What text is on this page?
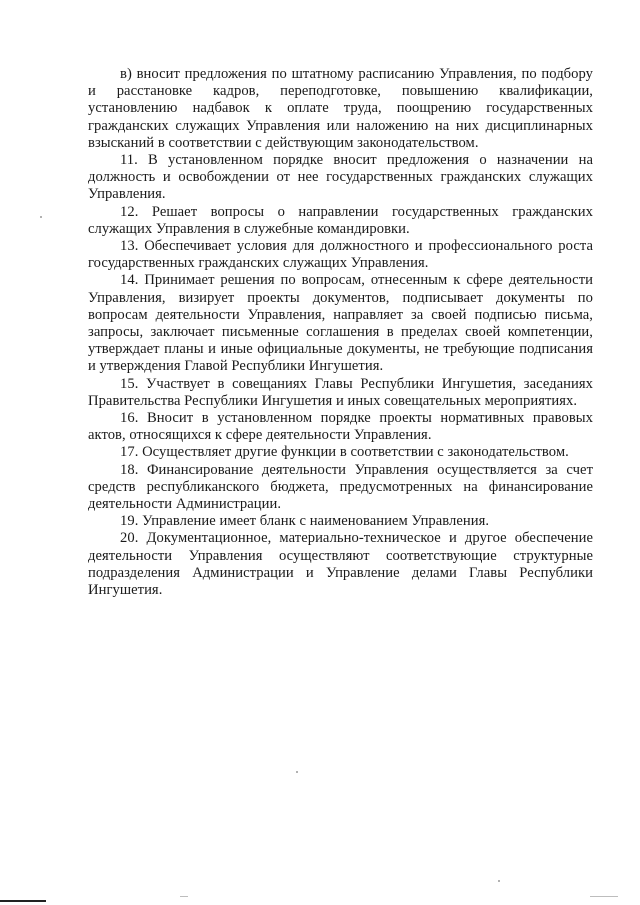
в) вносит предложения по штатному расписанию Управления, по подбору и расстановке кадров, переподготовке, повышению квалификации, установлению надбавок к оплате труда, поощрению государственных гражданских служащих Управления или наложению на них дисциплинарных взысканий в соответствии с действующим законодательством.

11. В установленном порядке вносит предложения о назначении на должность и освобождении от нее государственных гражданских служащих Управления.

12. Решает вопросы о направлении государственных гражданских служащих Управления в служебные командировки.

13. Обеспечивает условия для должностного и профессионального роста государственных гражданских служащих Управления.

14. Принимает решения по вопросам, отнесенным к сфере деятельности Управления, визирует проекты документов, подписывает документы по вопросам деятельности Управления, направляет за своей подписью письма, запросы, заключает письменные соглашения в пределах своей компетенции, утверждает планы и иные официальные документы, не требующие подписания и утверждения Главой Республики Ингушетия.

15. Участвует в совещаниях Главы Республики Ингушетия, заседаниях Правительства Республики Ингушетия и иных совещательных мероприятиях.

16. Вносит в установленном порядке проекты нормативных правовых актов, относящихся к сфере деятельности Управления.

17. Осуществляет другие функции в соответствии с законодательством.

18. Финансирование деятельности Управления осуществляется за счет средств республиканского бюджета, предусмотренных на финансирование деятельности Администрации.

19. Управление имеет бланк с наименованием Управления.

20. Документационное, материально-техническое и другое обеспечение деятельности Управления осуществляют соответствующие структурные подразделения Администрации и Управление делами Главы Республики Ингушетия.
